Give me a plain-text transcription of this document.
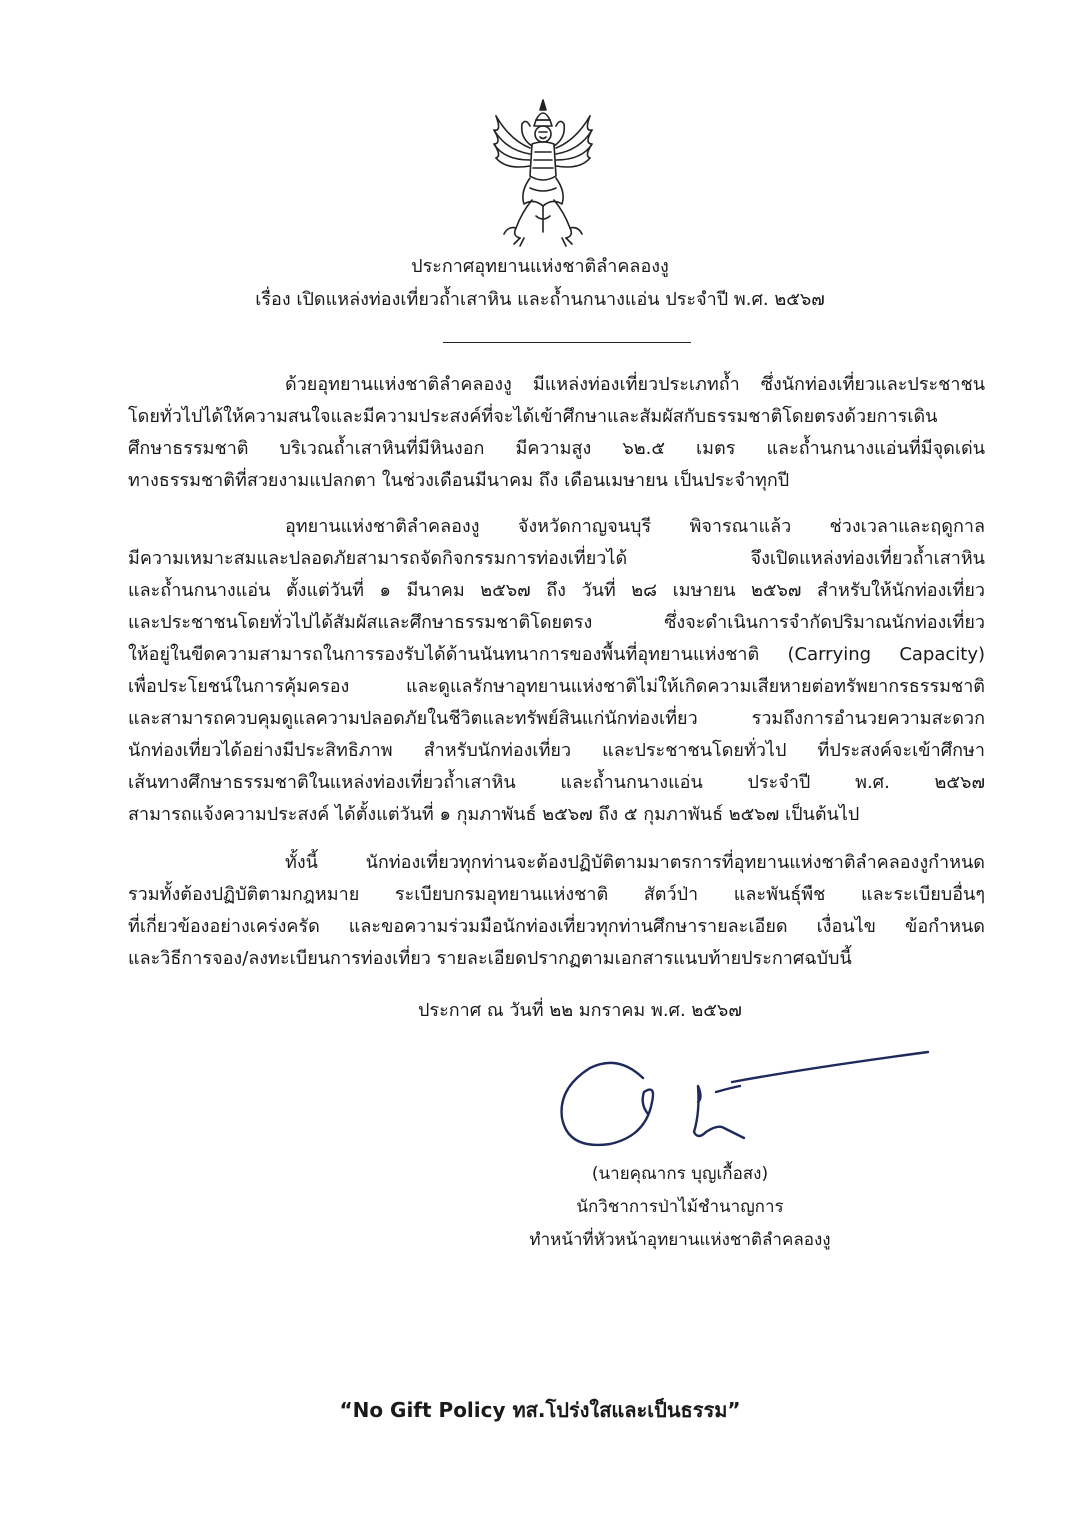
ประกาศอุทยานแห่งชาติลำคลองงู
เรื่อง เปิดแหล่งท่องเที่ยวถ้ำเสาหิน และถ้ำนกนางแอ่น ประจำปี พ.ศ. ๒๕๖๗
ด้วยอุทยานแห่งชาติลำคลองงู มีแหล่งท่องเที่ยวประเภทถ้ำ ซึ่งนักท่องเที่ยวและประชาชน
โดยทั่วไปได้ให้ความสนใจและมีความประสงค์ที่จะได้เข้าศึกษาและสัมผัสกับธรรมชาติโดยตรงด้วยการเดิน
ศึกษาธรรมชาติ บริเวณถ้ำเสาหินที่มีหินงอก มีความสูง ๖๒.๕ เมตร และถ้ำนกนางแอ่นที่มีจุดเด่น
ทางธรรมชาติที่สวยงามแปลกตา ในช่วงเดือนมีนาคม ถึง เดือนเมษายน เป็นประจำทุกปี
อุทยานแห่งชาติลำคลองงู จังหวัดกาญจนบุรี พิจารณาแล้ว ช่วงเวลาและฤดูกาล
มีความเหมาะสมและปลอดภัยสามารถจัดกิจกรรมการท่องเที่ยวได้ จึงเปิดแหล่งท่องเที่ยวถ้ำเสาหิน
และถ้ำนกนางแอ่น ตั้งแต่วันที่ ๑ มีนาคม ๒๕๖๗ ถึง วันที่ ๒๘ เมษายน ๒๕๖๗ สำหรับให้นักท่องเที่ยว
และประชาชนโดยทั่วไปได้สัมผัสและศึกษาธรรมชาติโดยตรง ซึ่งจะดำเนินการจำกัดปริมาณนักท่องเที่ยว
ให้อยู่ในขีดความสามารถในการรองรับได้ด้านนันทนาการของพื้นที่อุทยานแห่งชาติ (Carrying Capacity)
เพื่อประโยชน์ในการคุ้มครอง และดูแลรักษาอุทยานแห่งชาติไม่ให้เกิดความเสียหายต่อทรัพยากรธรรมชาติ
และสามารถควบคุมดูแลความปลอดภัยในชีวิตและทรัพย์สินแก่นักท่องเที่ยว รวมถึงการอำนวยความสะดวก
นักท่องเที่ยวได้อย่างมีประสิทธิภาพ สำหรับนักท่องเที่ยว และประชาชนโดยทั่วไป ที่ประสงค์จะเข้าศึกษา
เส้นทางศึกษาธรรมชาติในแหล่งท่องเที่ยวถ้ำเสาหิน และถ้ำนกนางแอ่น ประจำปี พ.ศ. ๒๕๖๗
สามารถแจ้งความประสงค์ ได้ตั้งแต่วันที่ ๑ กุมภาพันธ์ ๒๕๖๗ ถึง ๕ กุมภาพันธ์ ๒๕๖๗ เป็นต้นไป
ทั้งนี้ นักท่องเที่ยวทุกท่านจะต้องปฏิบัติตามมาตรการที่อุทยานแห่งชาติลำคลองงูกำหนด
รวมทั้งต้องปฏิบัติตามกฎหมาย ระเบียบกรมอุทยานแห่งชาติ สัตว์ป่า และพันธุ์พืช และระเบียบอื่นๆ
ที่เกี่ยวข้องอย่างเคร่งครัด และขอความร่วมมือนักท่องเที่ยวทุกท่านศึกษารายละเอียด เงื่อนไข ข้อกำหนด
และวิธีการจอง/ลงทะเบียนการท่องเที่ยว รายละเอียดปรากฏตามเอกสารแนบท้ายประกาศฉบับนี้
ประกาศ ณ วันที่ ๒๒ มกราคม พ.ศ. ๒๕๖๗
(นายคุณากร บุญเกื้อสง)
นักวิชาการป่าไม้ชำนาญการ
ทำหน้าที่หัวหน้าอุทยานแห่งชาติลำคลองงู
“No Gift Policy ทส.โปร่งใสและเป็นธรรม”
